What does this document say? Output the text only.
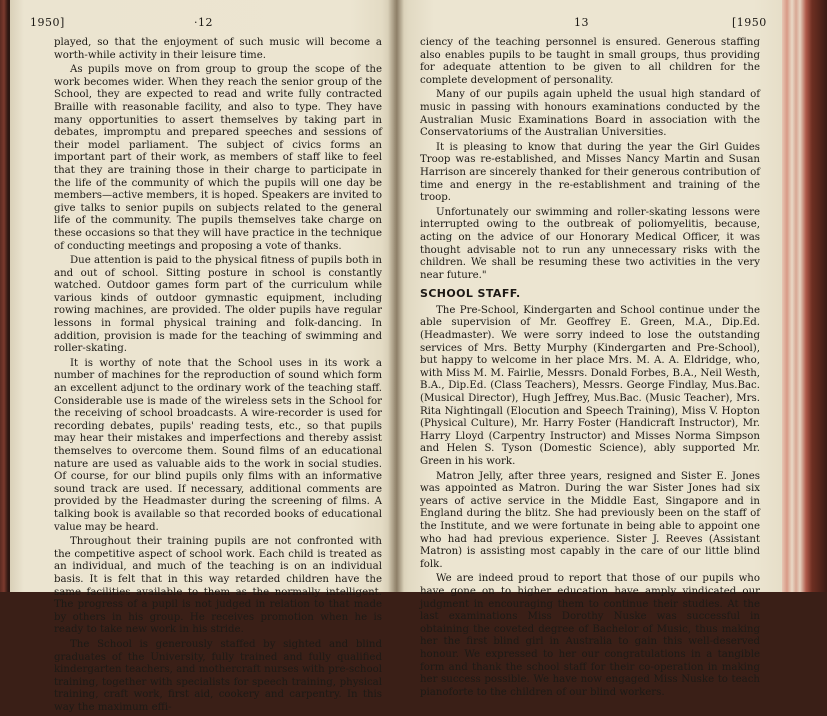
1950]	·12

played, so that the enjoyment of such music will become a worth-while activity in their leisure time.

As pupils move on from group to group the scope of the work becomes wider. When they reach the senior group of the School, they are expected to read and write fully contracted Braille with reasonable facility, and also to type. They have many opportunities to assert themselves by taking part in debates, impromptu and prepared speeches and sessions of their model parliament. The subject of civics forms an important part of their work, as members of staff like to feel that they are training those in their charge to participate in the life of the community of which the pupils will one day be members—active members, it is hoped. Speakers are invited to give talks to senior pupils on subjects related to the general life of the community. The pupils themselves take charge on these occasions so that they will have practice in the technique of conducting meetings and proposing a vote of thanks.

Due attention is paid to the physical fitness of pupils both in and out of school. Sitting posture in school is constantly watched. Outdoor games form part of the curriculum while various kinds of outdoor gymnastic equipment, including rowing machines, are provided. The older pupils have regular lessons in formal physical training and folk-dancing. In addition, provision is made for the teaching of swimming and roller-skating.

It is worthy of note that the School uses in its work a number of machines for the reproduction of sound which form an excellent adjunct to the ordinary work of the teaching staff. Considerable use is made of the wireless sets in the School for the receiving of school broadcasts. A wire-recorder is used for recording debates, pupils' reading tests, etc., so that pupils may hear their mistakes and imperfections and thereby assist themselves to overcome them. Sound films of an educational nature are used as valuable aids to the work in social studies. Of course, for our blind pupils only films with an informative sound track are used. If necessary, additional comments are provided by the Headmaster during the screening of films. A talking book is available so that recorded books of educational value may be heard.

Throughout their training pupils are not confronted with the competitive aspect of school work. Each child is treated as an individual, and much of the teaching is on an individual basis. It is felt that in this way retarded children have the same facilities available to them as the normally intelligent. The progress of a pupil is not judged in relation to that made by others in his group. He receives promotion when he is ready to take new work in his stride.

The School is generously staffed by sighted and blind graduates of the University, fully trained and fully qualified kindergarten teachers, and mothercraft nurses with pre-school training, together with specialists for speech training, physical training, craft work, first aid, cookery and carpentry. In this way the maximum effi-

13	[1950

ciency of the teaching personnel is ensured. Generous staffing also enables pupils to be taught in small groups, thus providing for adequate attention to be given to all children for the complete development of personality.

Many of our pupils again upheld the usual high standard of music in passing with honours examinations conducted by the Australian Music Examinations Board in association with the Conservatoriums of the Australian Universities.

It is pleasing to know that during the year the Girl Guides Troop was re-established, and Misses Nancy Martin and Susan Harrison are sincerely thanked for their generous contribution of time and energy in the re-establishment and training of the troop.

Unfortunately our swimming and roller-skating lessons were interrupted owing to the outbreak of poliomyelitis, because, acting on the advice of our Honorary Medical Officer, it was thought advisable not to run any unnecessary risks with the children. We shall be resuming these two activities in the very near future."

SCHOOL STAFF.

The Pre-School, Kindergarten and School continue under the able supervision of Mr. Geoffrey E. Green, M.A., Dip.Ed. (Headmaster). We were sorry indeed to lose the outstanding services of Mrs. Betty Murphy (Kindergarten and Pre-School), but happy to welcome in her place Mrs. M. A. A. Eldridge, who, with Miss M. M. Fairlie, Messrs. Donald Forbes, B.A., Neil Westh, B.A., Dip.Ed. (Class Teachers), Messrs. George Findlay, Mus.Bac. (Musical Director), Hugh Jeffrey, Mus.Bac. (Music Teacher), Mrs. Rita Nightingall (Elocution and Speech Training), Miss V. Hopton (Physical Culture), Mr. Harry Foster (Handicraft Instructor), Mr. Harry Lloyd (Carpentry Instructor) and Misses Norma Simpson and Helen S. Tyson (Domestic Science), ably supported Mr. Green in his work.

Matron Jelly, after three years, resigned and Sister E. Jones was appointed as Matron. During the war Sister Jones had six years of active service in the Middle East, Singapore and in England during the blitz. She had previously been on the staff of the Institute, and we were fortunate in being able to appoint one who had had previous experience. Sister J. Reeves (Assistant Matron) is assisting most capably in the care of our little blind folk.

We are indeed proud to report that those of our pupils who have gone on to higher education have amply vindicated our judgment in encouraging them to continue their studies. At the last examinations Miss Dorothy Nuske was successful in obtaining the coveted degree of Bachelor of Music, thus making her the first blind girl in Australia to gain this well-deserved honour. We expressed to her our congratulations in a tangible form and thank the school staff for their co-operation in making her success possible. We have now engaged Miss Nuske to teach pianoforte to the children of our blind workers.
